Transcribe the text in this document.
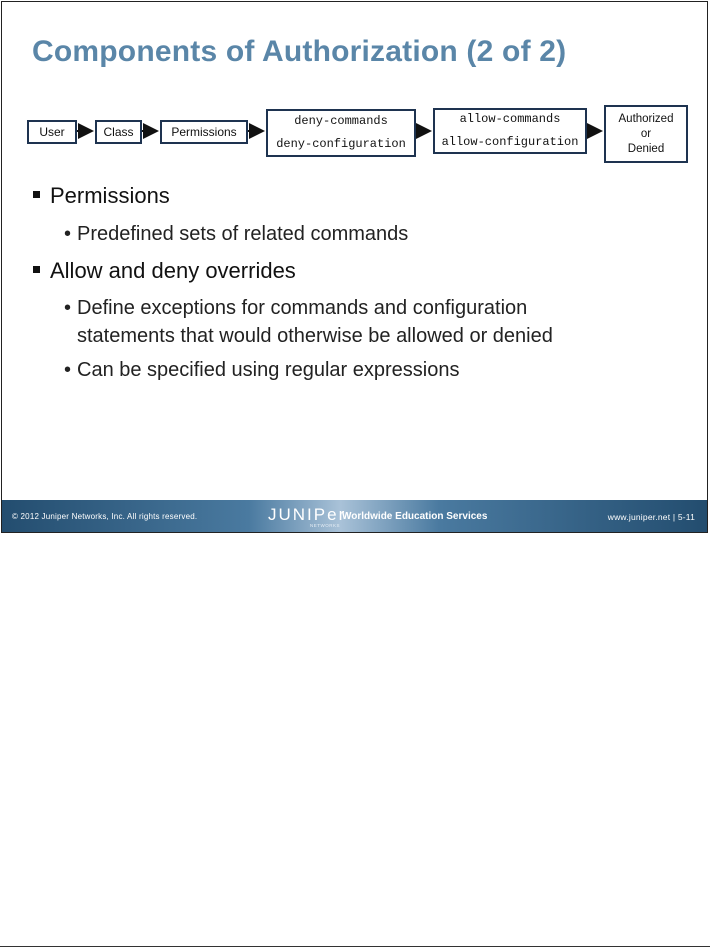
Components of Authorization (2 of 2)
User	Class	Permissions
deny-commands
deny-configuration
allow-commands
allow-configuration
Authorized
or
Denied
Permissions
• Predefined sets of related commands
Allow and deny overrides
• Define exceptions for commands and configuration
statements that would otherwise be allowed or denied
• Can be specified using regular expressions
© 2012 Juniper Networks, Inc. All rights reserved.	JUNIPer
NETWORKS
Worldwide Education Services	www.juniper.net | 5-11
